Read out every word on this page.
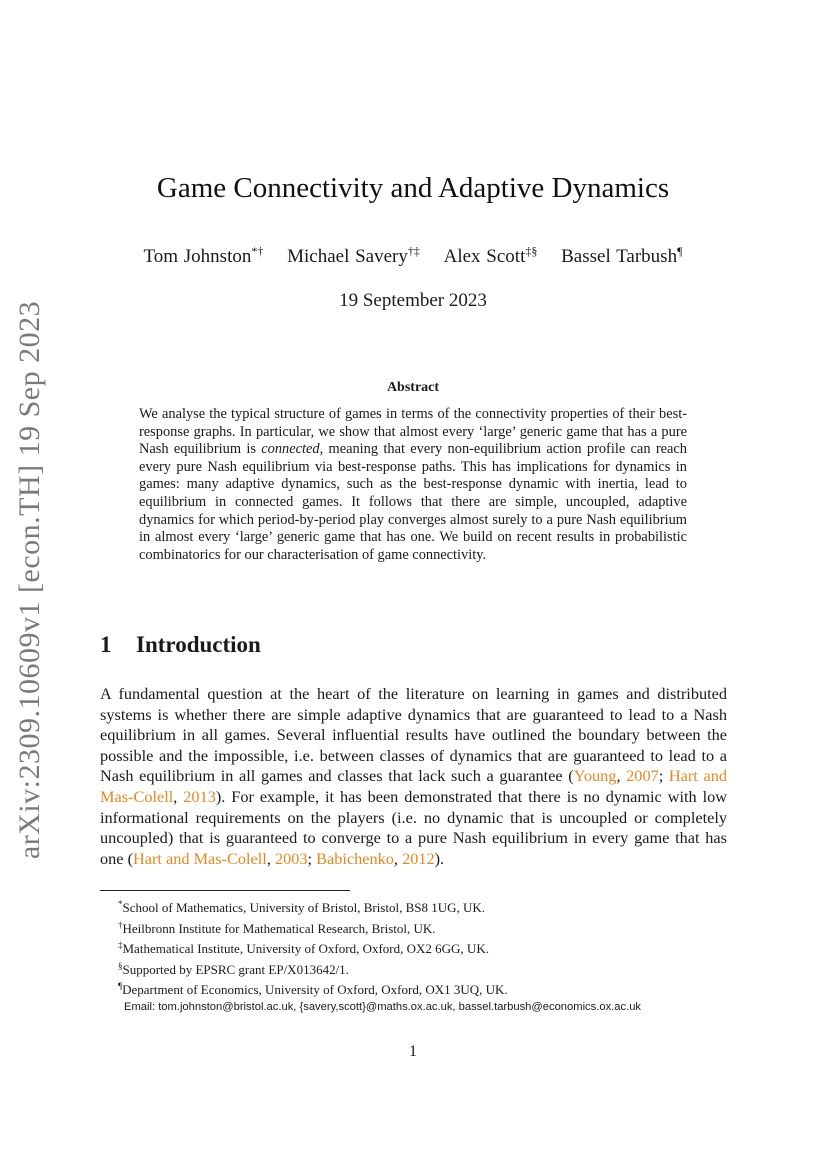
arXiv:2309.10609v1 [econ.TH] 19 Sep 2023
Game Connectivity and Adaptive Dynamics
Tom Johnston*† Michael Savery†‡ Alex Scott‡§ Bassel Tarbush¶
19 September 2023
Abstract
We analyse the typical structure of games in terms of the connectivity properties of their best-response graphs. In particular, we show that almost every ‘large’ generic game that has a pure Nash equilibrium is connected, meaning that every non-equilibrium action profile can reach every pure Nash equilibrium via best-response paths. This has implications for dynamics in games: many adaptive dynamics, such as the best-response dynamic with inertia, lead to equilibrium in connected games. It follows that there are simple, uncoupled, adaptive dynamics for which period-by-period play converges almost surely to a pure Nash equilibrium in almost every ‘large’ generic game that has one. We build on recent results in probabilistic combinatorics for our characterisation of game connectivity.
1 Introduction
A fundamental question at the heart of the literature on learning in games and distributed systems is whether there are simple adaptive dynamics that are guaranteed to lead to a Nash equilibrium in all games. Several influential results have outlined the boundary between the possible and the impossible, i.e. between classes of dynamics that are guaranteed to lead to a Nash equilibrium in all games and classes that lack such a guarantee (Young, 2007; Hart and Mas-Colell, 2013). For example, it has been demonstrated that there is no dynamic with low informational requirements on the players (i.e. no dynamic that is uncoupled or completely uncoupled) that is guaranteed to converge to a pure Nash equilibrium in every game that has one (Hart and Mas-Colell, 2003; Babichenko, 2012).
*School of Mathematics, University of Bristol, Bristol, BS8 1UG, UK.
†Heilbronn Institute for Mathematical Research, Bristol, UK.
‡Mathematical Institute, University of Oxford, Oxford, OX2 6GG, UK.
§Supported by EPSRC grant EP/X013642/1.
¶Department of Economics, University of Oxford, Oxford, OX1 3UQ, UK.
Email: tom.johnston@bristol.ac.uk, {savery,scott}@maths.ox.ac.uk, bassel.tarbush@economics.ox.ac.uk
1
